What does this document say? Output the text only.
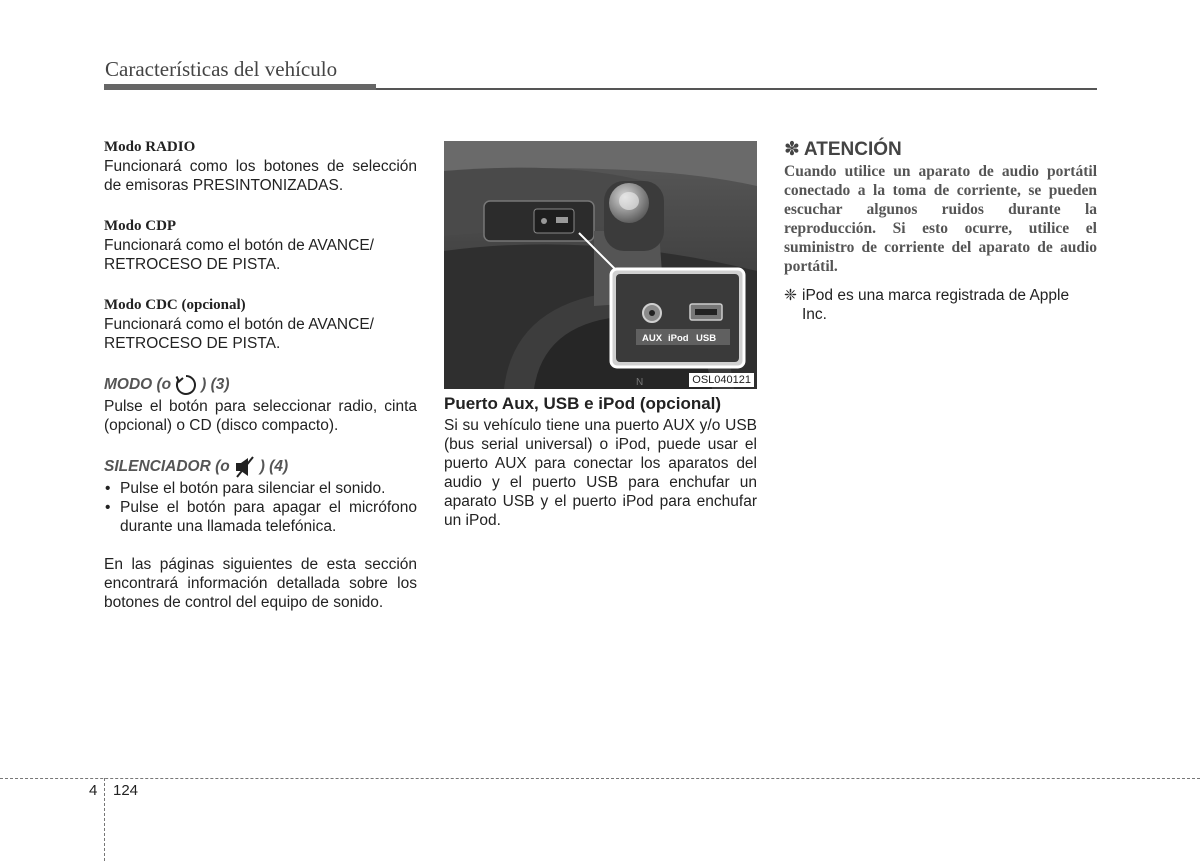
Características del vehículo
Modo RADIO
Funcionará como los botones de selección de emisoras PRESINTONIZADAS.
Modo CDP
Funcionará como el botón de AVANCE/ RETROCESO DE PISTA.
Modo CDC (opcional)
Funcionará como el botón de AVANCE/ RETROCESO DE PISTA.
MODO (o ) (3)
Pulse el botón para seleccionar radio, cinta (opcional) o CD (disco compacto).
SILENCIADOR (o ) (4)
• Pulse el botón para silenciar el sonido.
• Pulse el botón para apagar el micrófono durante una llamada telefónica.
En las páginas siguientes de esta sección encontrará información detallada sobre los botones de control del equipo de sonido.
AUX iPod USB
N	OSL040121
Puerto Aux, USB e iPod (opcional)
Si su vehículo tiene una puerto AUX y/o USB (bus serial universal) o iPod, puede usar el puerto AUX para conectar los aparatos del audio y el puerto USB para enchufar un aparato USB y el puerto iPod para enchufar un iPod.
✽ ATENCIÓN
Cuando utilice un aparato de audio portátil conectado a la toma de corriente, se pueden escuchar algunos ruidos durante la reproducción. Si esto ocurre, utilice el suministro de corriente del aparato de audio portátil.
❈ iPod es una marca registrada de Apple Inc.
4 124
